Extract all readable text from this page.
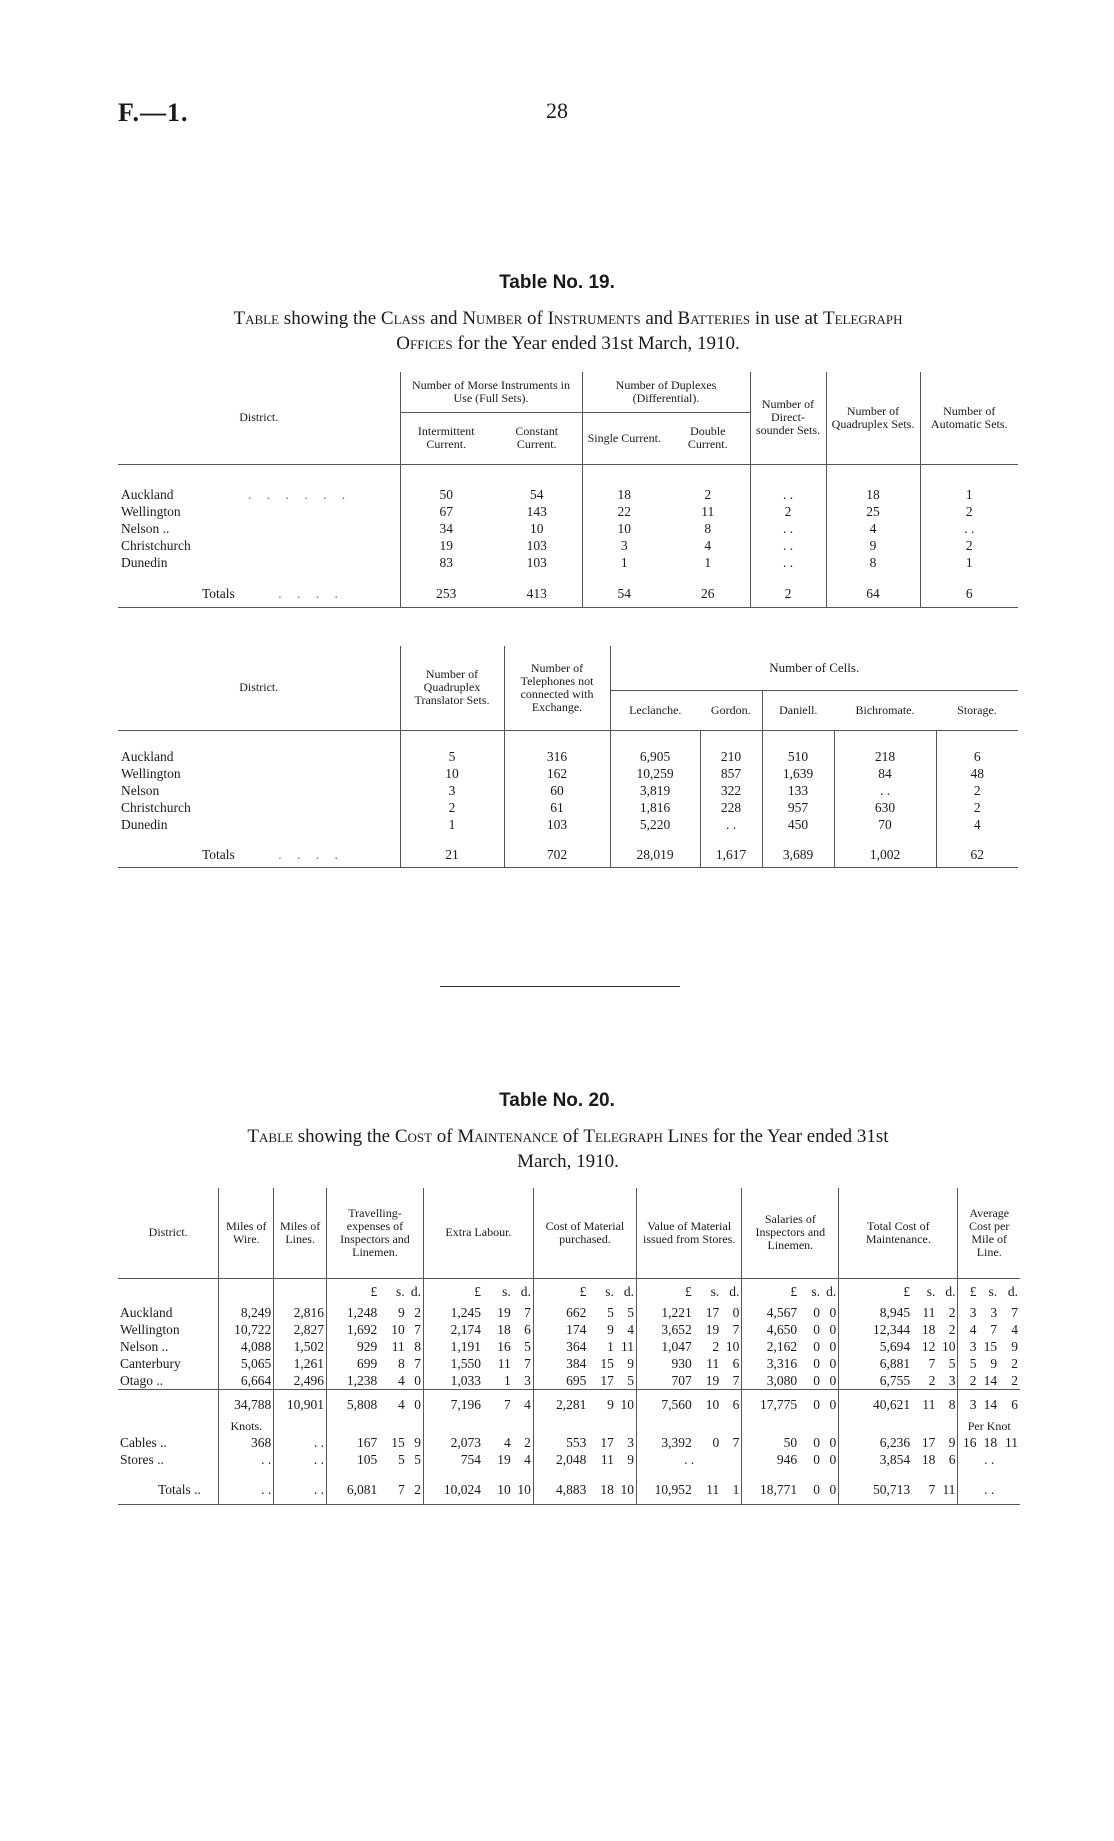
F.—1.	28
Table No. 19.
Table showing the Class and Number of Instruments and Batteries in use at Telegraph
Offices for the Year ended 31st March, 1910.
District.	Number of Morse Instruments in Use (Full Sets).		Number of Duplexes (Differential).		Number of Direct-sounder Sets.	Number of Quadruplex Sets.	Number of Automatic Sets.
	Intermittent Current.	Constant Current.	Single Current.	Double Current.			

Auckland . . . . . .	50	54	18	2	. .	18	1
Wellington	67	143	22	11	2	25	2
Nelson ..	34	10	10	8	. .	4	. .
Christchurch	19	103	3	4	. .	9	2
Dunedin	83	103	1	1	. .	8	1
Totals . . . .	253	413	54	26	2	64	6
District.	Number of Quadruplex Translator Sets.	Number of Telephones not connected with Exchange.	Number of Cells.				
			Leclanche.	Gordon.	Daniell.	Bichromate.	Storage.

Auckland	5	316	6,905	210	510	218	6
Wellington	10	162	10,259	857	1,639	84	48
Nelson	3	60	3,819	322	133	. .	2
Christchurch	2	61	1,816	228	957	630	2
Dunedin	1	103	5,220	. .	450	70	4
Totals . . . .	21	702	28,019	1,617	3,689	1,002	62
Table No. 20.
Table showing the Cost of Maintenance of Telegraph Lines for the Year ended 31st
March, 1910.
District.	Miles of Wire.	Miles of Lines.	Travelling-expenses of Inspectors and Linemen.			Extra Labour.			Cost of Material purchased.			Value of Material issued from Stores.			Salaries of Inspectors and Linemen.			Total Cost of Maintenance.			Average Cost per Mile of Line.		
			£	s.	d.	£	s.	d.	£	s.	d.	£	s.	d.	£	s.	d.	£	s.	d.	£	s.	d.
Auckland	8,249	2,816	1,248	9	2	1,245	19	7	662	5	5	1,221	17	0	4,567	0	0	8,945	11	2	3	3	7
Wellington	10,722	2,827	1,692	10	7	2,174	18	6	174	9	4	3,652	19	7	4,650	0	0	12,344	18	2	4	7	4
Nelson ..	4,088	1,502	929	11	8	1,191	16	5	364	1	11	1,047	2	10	2,162	0	0	5,694	12	10	3	15	9
Canterbury	5,065	1,261	699	8	7	1,550	11	7	384	15	9	930	11	6	3,316	0	0	6,881	7	5	5	9	2
Otago ..	6,664	2,496	1,238	4	0	1,033	1	3	695	17	5	707	19	7	3,080	0	0	6,755	2	3	2	14	2
	34,788	10,901	5,808	4	0	7,196	7	4	2,281	9	10	7,560	10	6	17,775	0	0	40,621	11	8	3	14	6
	Knots.																				Per Knot		
Cables ..	368	. .	167	15	9	2,073	4	2	553	17	3	3,392	0	7	50	0	0	6,236	17	9	16	18	11
Stores ..	. .	. .	105	5	5	754	19	4	2,048	11	9	. .			946	0	0	3,854	18	6	. .		
Totals ..	. .	. .	6,081	7	2	10,024	10	10	4,883	18	10	10,952	11	1	18,771	0	0	50,713	7	11	. .		
